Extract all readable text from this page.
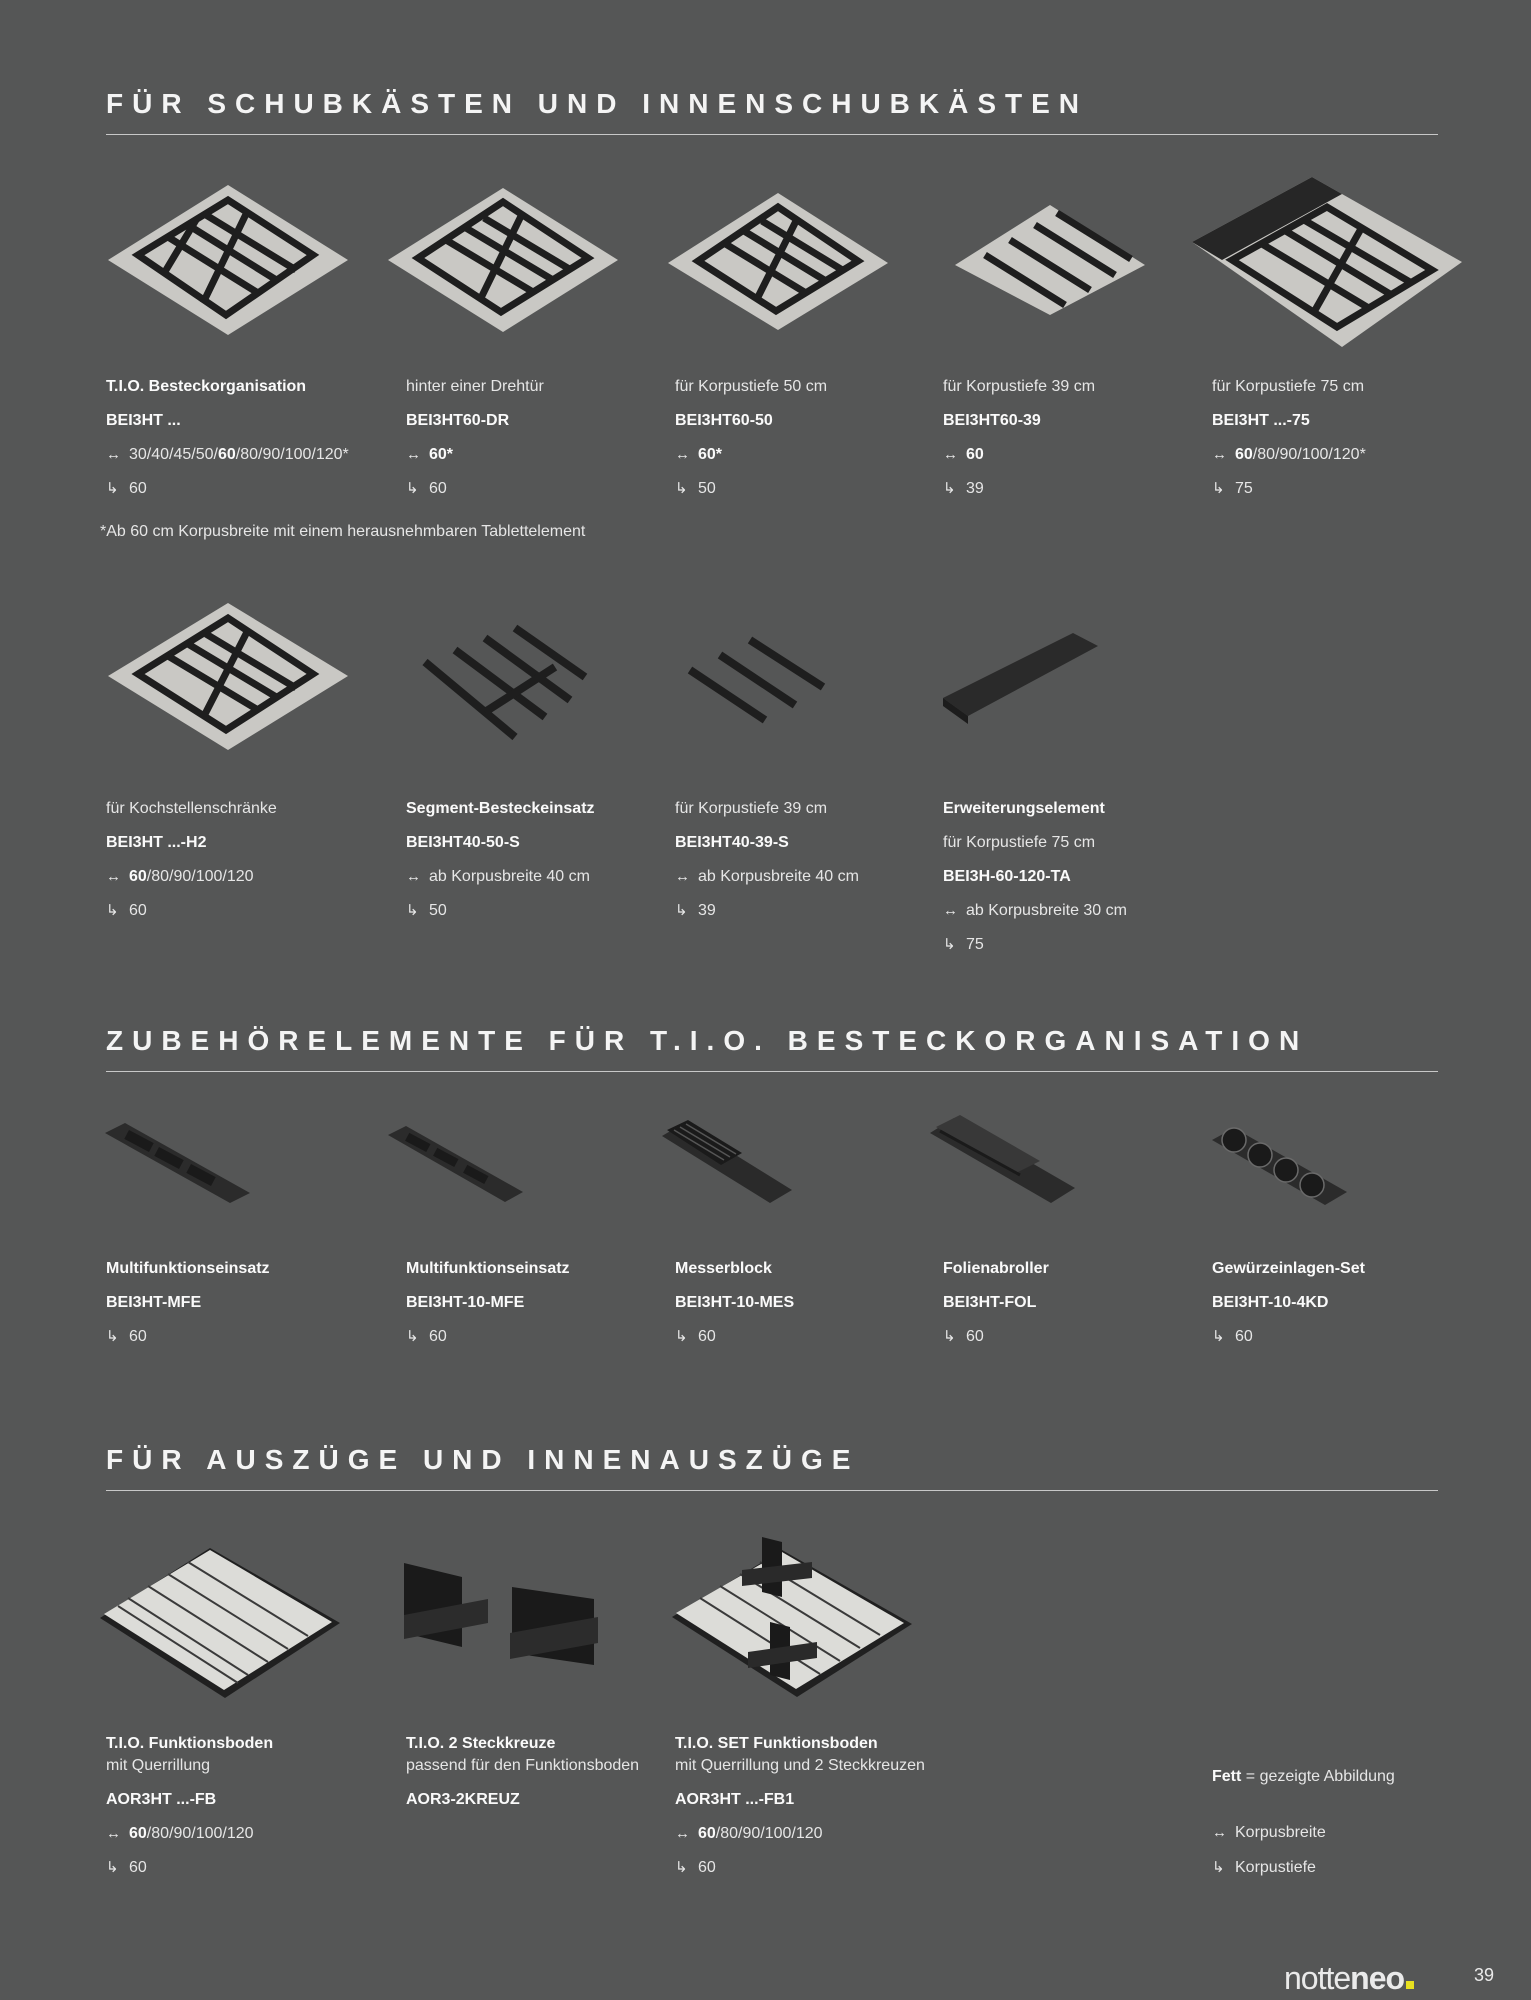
FÜR SCHUBKÄSTEN UND INNENSCHUBKÄSTEN
T.I.O. Besteckorganisation
BEI3HT ...
↔ 30/40/45/50/60/80/90/100/120*
↳ 60
hinter einer Drehtür
BEI3HT60-DR
↔ 60*
↳ 60
für Korpustiefe 50 cm
BEI3HT60-50
↔ 60*
↳ 50
für Korpustiefe 39 cm
BEI3HT60-39
↔ 60
↳ 39
für Korpustiefe 75 cm
BEI3HT ...-75
↔ 60/80/90/100/120*
↳ 75
*Ab 60 cm Korpusbreite mit einem herausnehmbaren Tablettelement
für Kochstellenschränke
BEI3HT ...-H2
↔ 60/80/90/100/120
↳ 60
Segment-Besteckeinsatz
BEI3HT40-50-S
↔ ab Korpusbreite 40 cm
↳ 50
für Korpustiefe 39 cm
BEI3HT40-39-S
↔ ab Korpusbreite 40 cm
↳ 39
Erweiterungselement
für Korpustiefe 75 cm
BEI3H-60-120-TA
↔ ab Korpusbreite 30 cm
↳ 75
ZUBEHÖRELEMENTE FÜR T.I.O. BESTECKORGANISATION
Multifunktionseinsatz
BEI3HT-MFE
↳ 60
Multifunktionseinsatz
BEI3HT-10-MFE
↳ 60
Messerblock
BEI3HT-10-MES
↳ 60
Folienabroller
BEI3HT-FOL
↳ 60
Gewürzeinlagen-Set
BEI3HT-10-4KD
↳ 60
FÜR AUSZÜGE UND INNENAUSZÜGE
T.I.O. Funktionsboden
mit Querrillung
AOR3HT ...-FB
↔ 60/80/90/100/120
↳ 60
T.I.O. 2 Steckkreuze
passend für den Funktionsboden
AOR3-2KREUZ
T.I.O. SET Funktionsboden
mit Querrillung und 2 Steckkreuzen
AOR3HT ...-FB1
↔ 60/80/90/100/120
↳ 60
Fett = gezeigte Abbildung
↔ Korpusbreite
↳ Korpustiefe
notteneo	39
